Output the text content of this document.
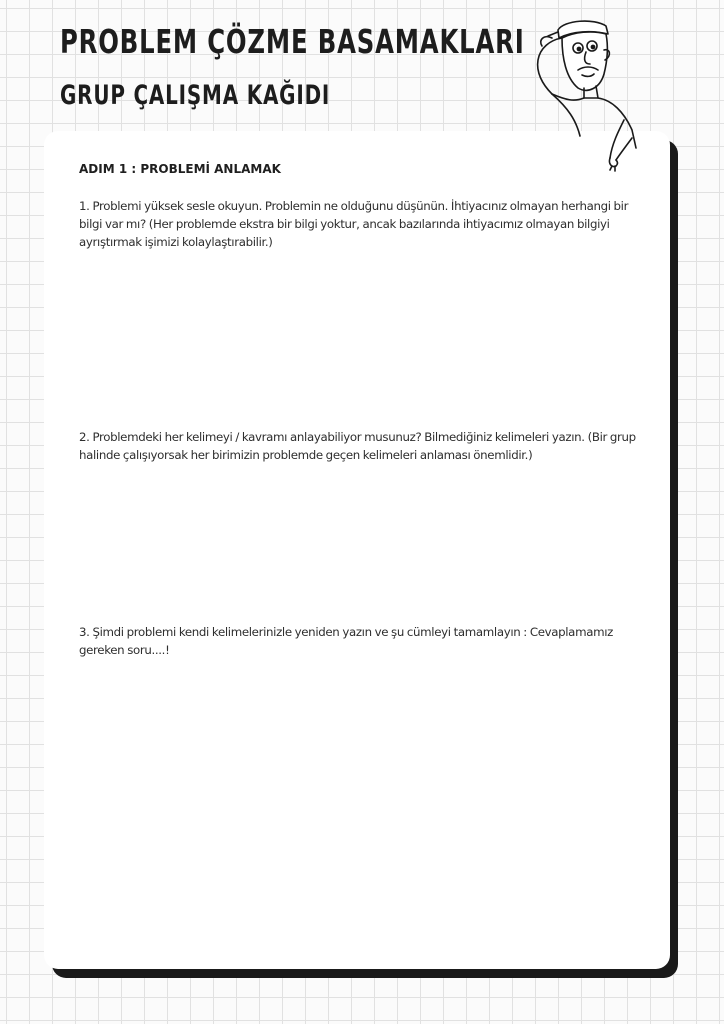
PROBLEM ÇÖZME BASAMAKLARI
GRUP ÇALIŞMA KAĞIDI
ADIM 1 : PROBLEMİ ANLAMAK

1. Problemi yüksek sesle okuyun. Problemin ne olduğunu düşünün. İhtiyacınız olmayan herhangi bir bilgi var mı? (Her problemde ekstra bir bilgi yoktur, ancak bazılarında ihtiyacımız olmayan bilgiyi ayrıştırmak işimizi kolaylaştırabilir.)

2. Problemdeki her kelimeyi / kavramı anlayabiliyor musunuz? Bilmediğiniz kelimeleri yazın. (Bir grup halinde çalışıyorsak her birimizin problemde geçen kelimeleri anlaması önemlidir.)

3. Şimdi problemi kendi kelimelerinizle yeniden yazın ve şu cümleyi tamamlayın : Cevaplamamız gereken soru....!
